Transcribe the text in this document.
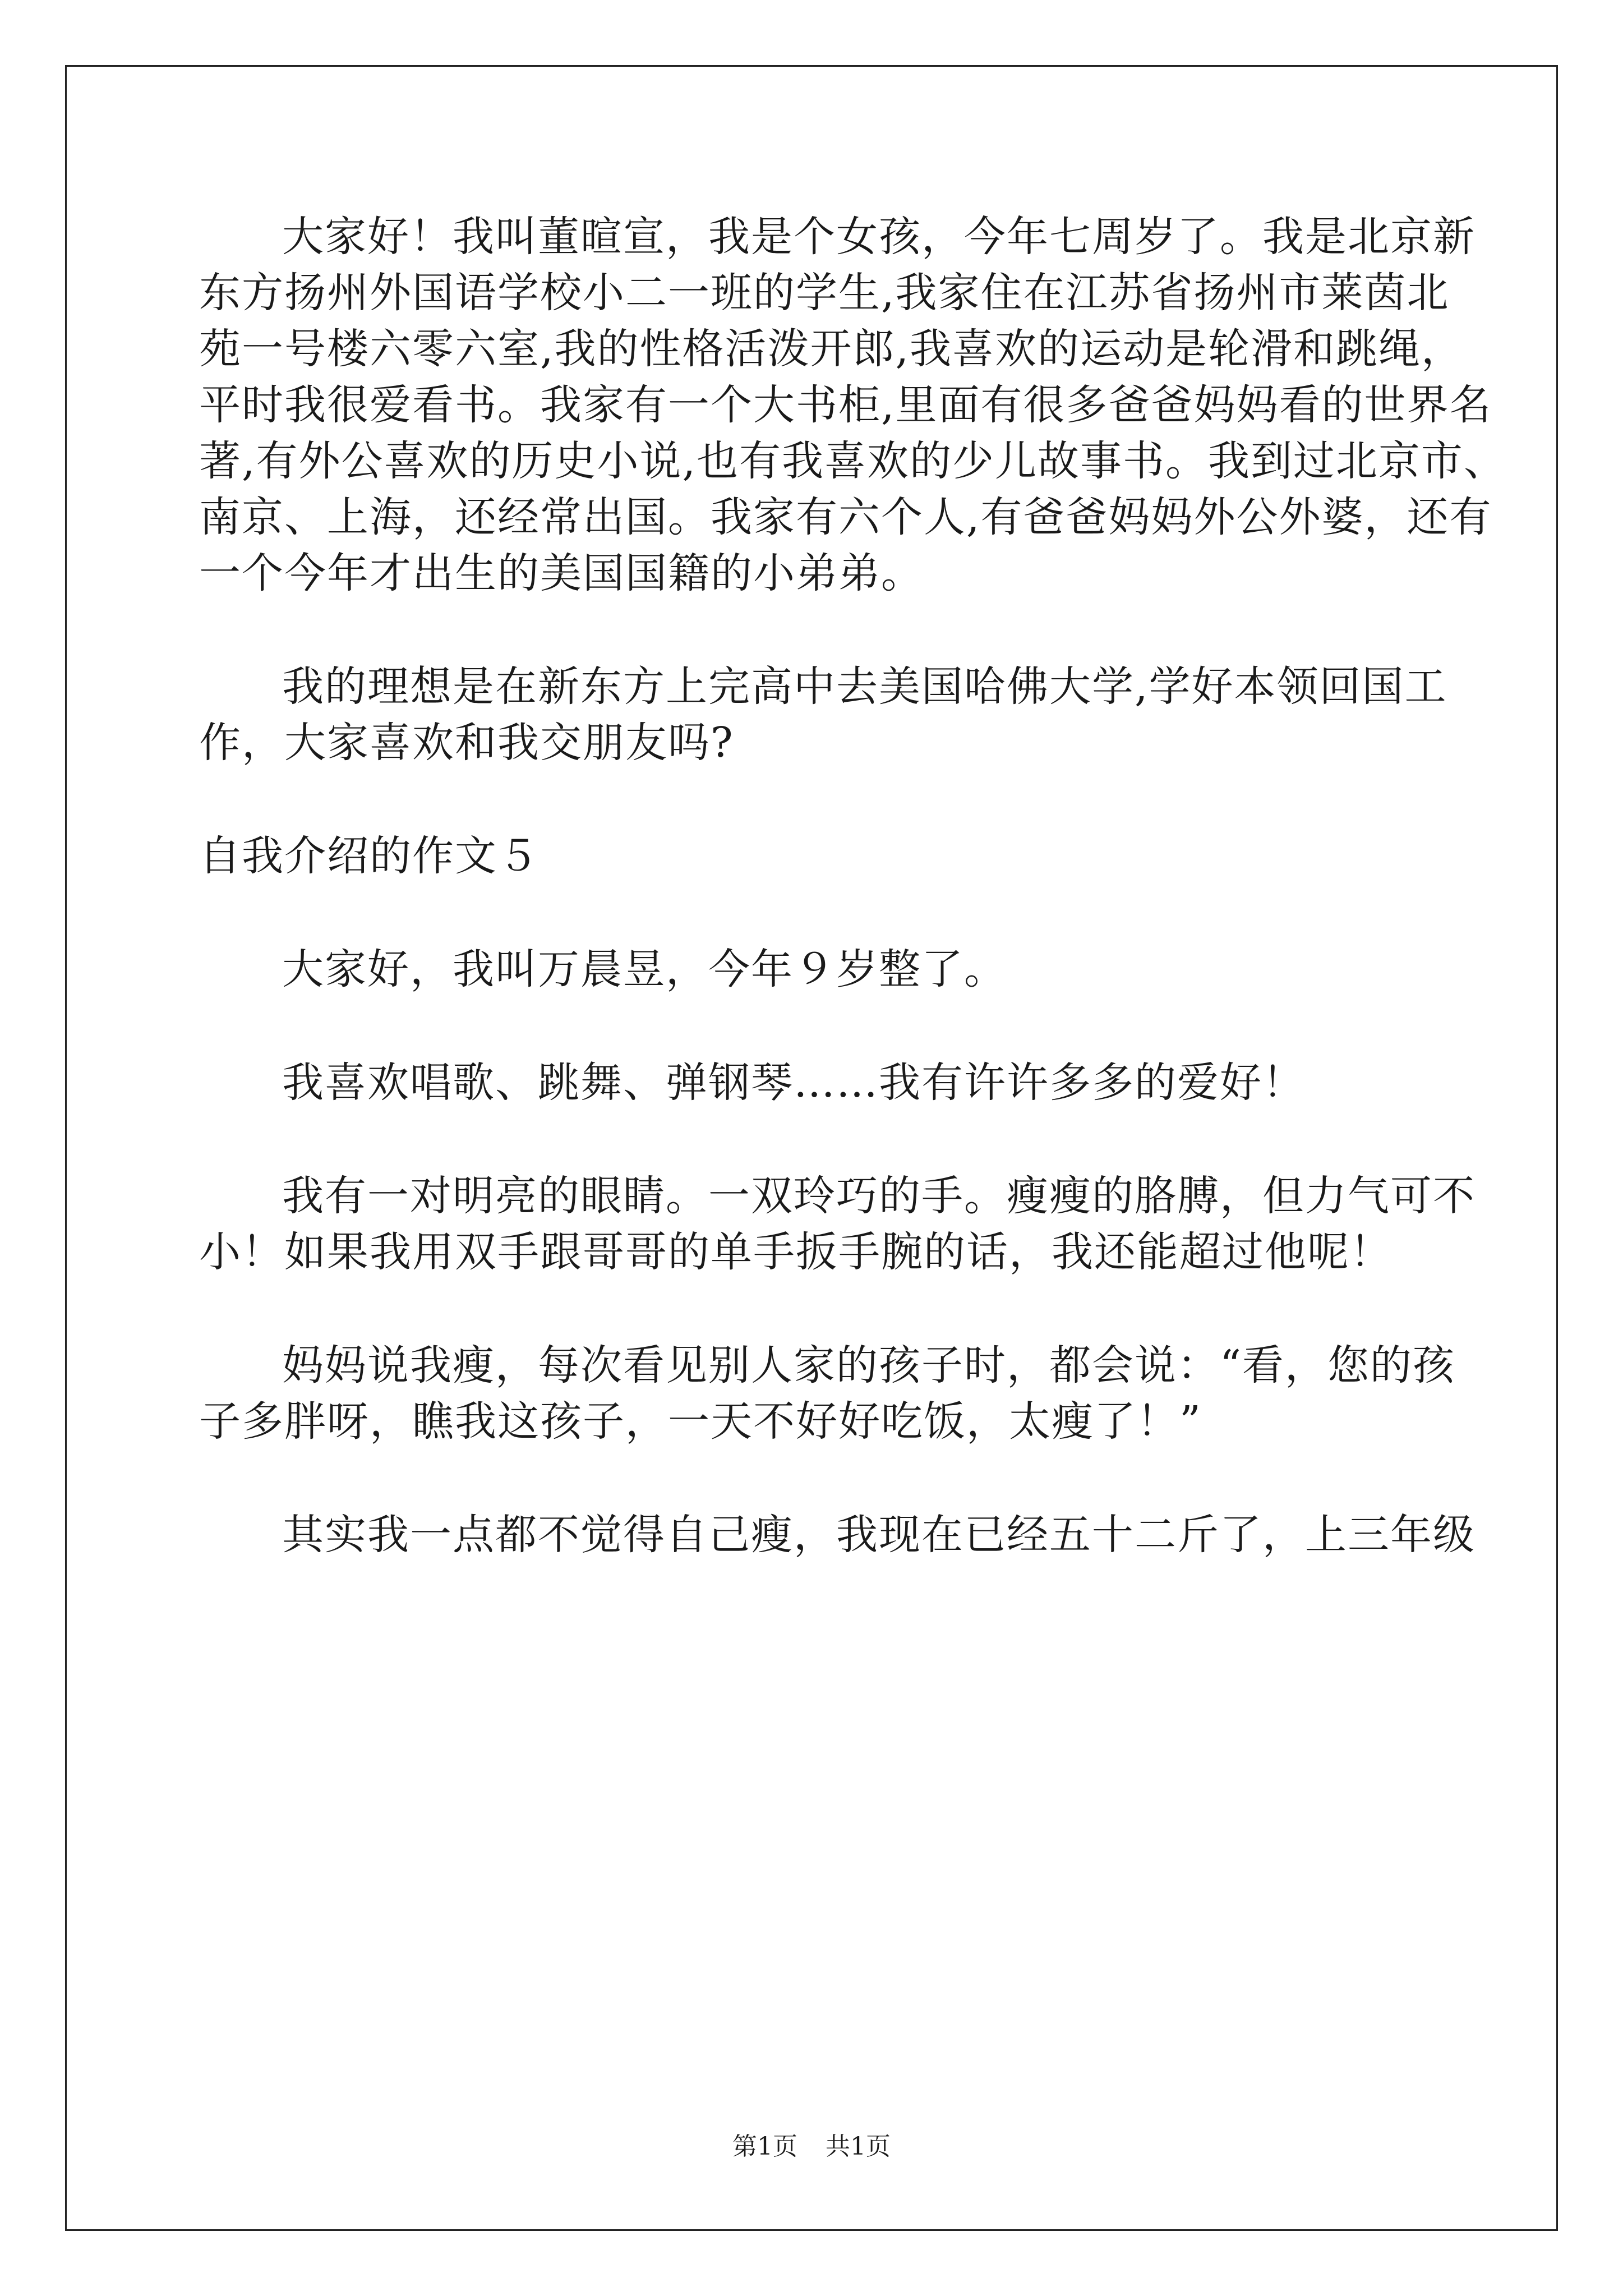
大家好！我叫董暄宣，我是个女孩，今年七周岁了。我是北京新
东方扬州外国语学校小二一班的学生,我家住在江苏省扬州市莱茵北
苑一号楼六零六室,我的性格活泼开郎,我喜欢的运动是轮滑和跳绳，
平时我很爱看书。我家有一个大书柜,里面有很多爸爸妈妈看的世界名
著,有外公喜欢的历史小说,也有我喜欢的少儿故事书。我到过北京市、
南京、上海，还经常出国。我家有六个人,有爸爸妈妈外公外婆，还有
一个今年才出生的美国国籍的小弟弟。
我的理想是在新东方上完高中去美国哈佛大学,学好本领回国工
作，大家喜欢和我交朋友吗?
自我介绍的作文５
大家好，我叫万晨昱，今年９岁整了。
我喜欢唱歌、跳舞、弹钢琴……我有许许多多的爱好！
我有一对明亮的眼睛。一双玲巧的手。瘦瘦的胳膊，但力气可不
小！如果我用双手跟哥哥的单手扳手腕的话，我还能超过他呢！
妈妈说我瘦，每次看见别人家的孩子时，都会说：“看，您的孩
子多胖呀，瞧我这孩子，一天不好好吃饭，太瘦了！”
其实我一点都不觉得自己瘦，我现在已经五十二斤了，上三年级
第1页 共1页
